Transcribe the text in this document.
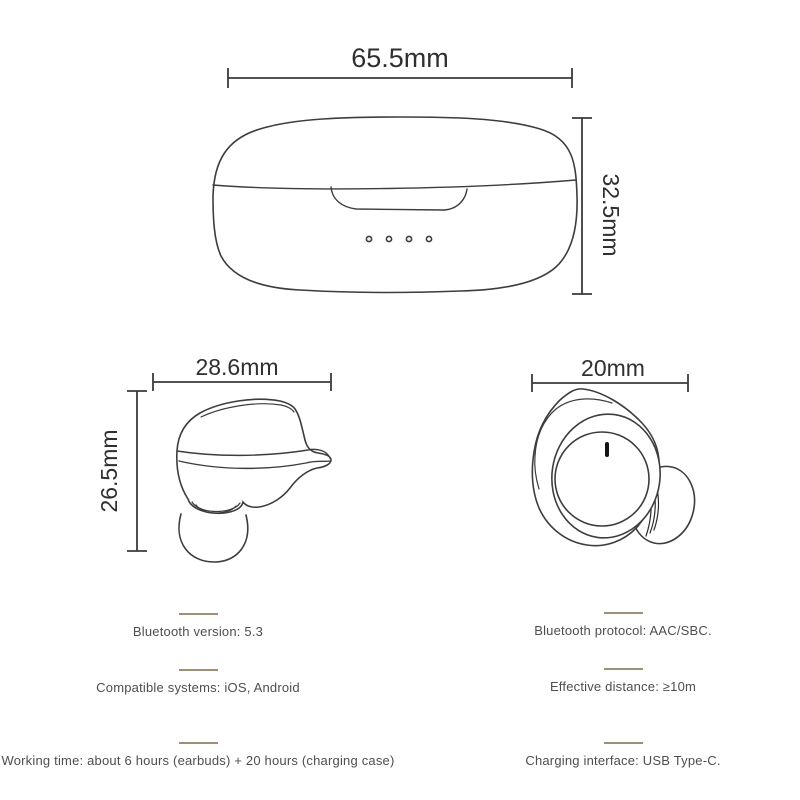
65.5mm
32.5mm
28.6mm
26.5mm
20mm
Bluetooth version: 5.3
Compatible systems: iOS, Android
Working time: about 6 hours (earbuds) + 20 hours (charging case)
Bluetooth protocol: AAC/SBC.
Effective distance: ≥10m
Charging interface: USB Type-C.
